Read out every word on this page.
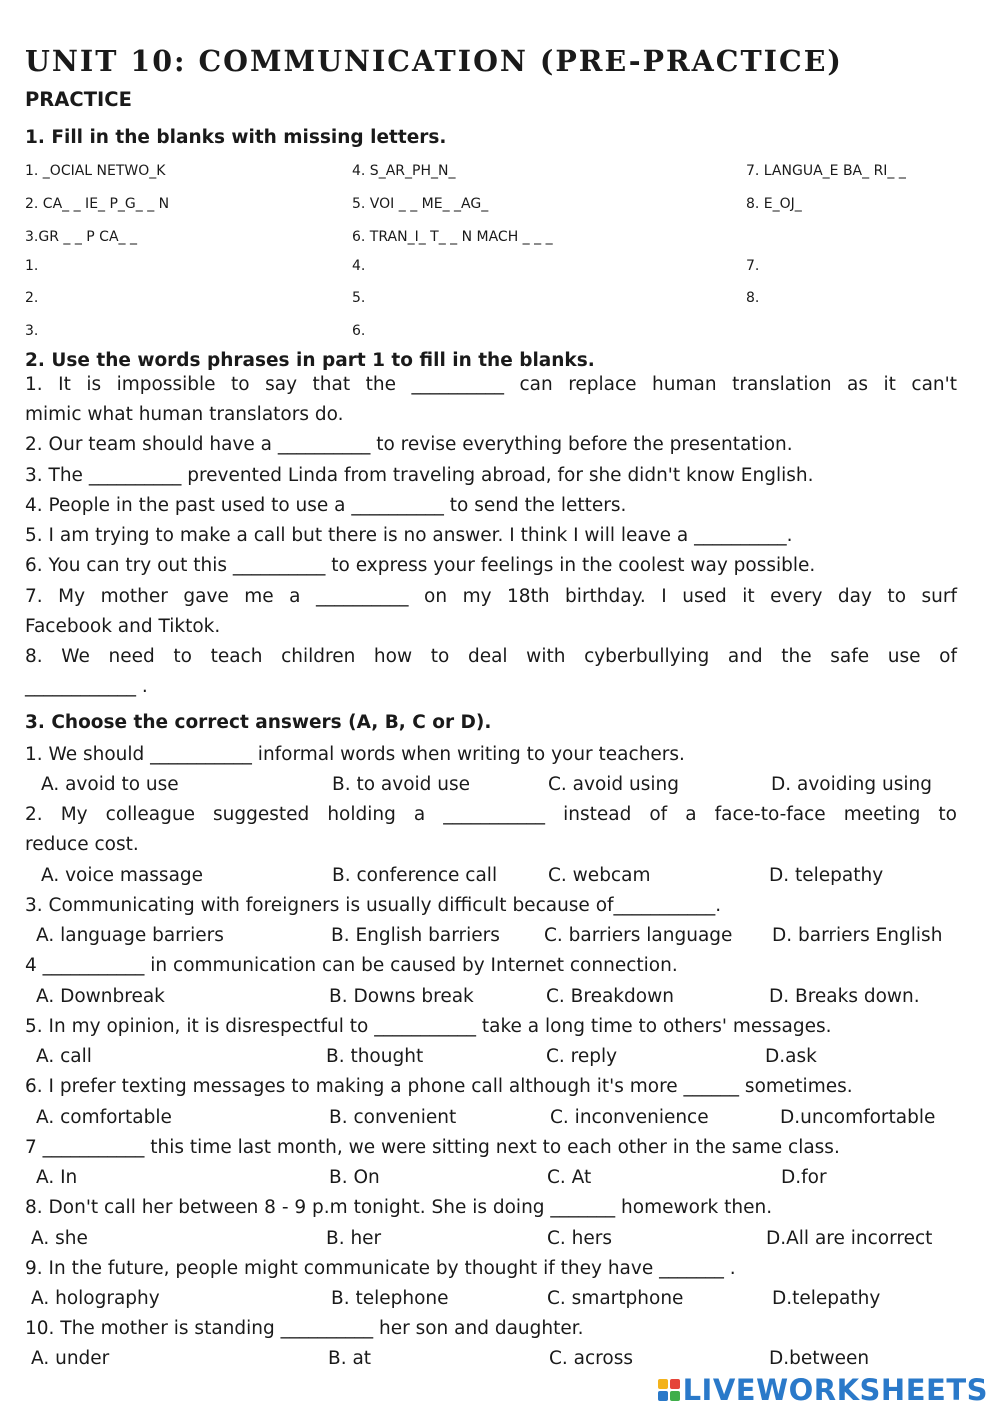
UNIT 10: COMMUNICATION (PRE-PRACTICE)
PRACTICE
1. Fill in the blanks with missing letters.
1. _OCIAL NETWO_K	4. S_AR_PH_N_	7. LANGUA_E BA_ RI_ _
2. CA_ _ IE_ P_G_ _ N	5. VOI _ _ ME_ _AG_	8. E_OJ_
3.GR _ _ P CA_ _	6. TRAN_I_ T_ _ N MACH _ _ _
1.	4.	7.
2.	5.	8.
3.	6.
2. Use the words phrases in part 1 to fill in the blanks.
1. It is impossible to say that the __________ can replace human translation as it can't
mimic what human translators do.
2. Our team should have a __________ to revise everything before the presentation.
3. The __________ prevented Linda from traveling abroad, for she didn't know English.
4. People in the past used to use a __________ to send the letters.
5. I am trying to make a call but there is no answer. I think I will leave a __________.
6. You can try out this __________ to express your feelings in the coolest way possible.
7. My mother gave me a __________ on my 18th birthday. I used it every day to surf
Facebook and Tiktok.
8. We need to teach children how to deal with cyberbullying and the safe use of
____________ .
3. Choose the correct answers (A, B, C or D).
1. We should ___________ informal words when writing to your teachers.
A. avoid to use	B. to avoid use	C. avoid using	D. avoiding using
2. My colleague suggested holding a ___________ instead of a face-to-face meeting to
reduce cost.
A. voice massage	B. conference call	C. webcam	D. telepathy
3. Communicating with foreigners is usually difficult because of___________.
A. language barriers	B. English barriers C. barriers language D. barriers English
4 ___________ in communication can be caused by Internet connection.
A. Downbreak	B. Downs break	C. Breakdown	D. Breaks down.
5. In my opinion, it is disrespectful to ___________ take a long time to others' messages.
A. call	B. thought	C. reply	D.ask
6. I prefer texting messages to making a phone call although it's more ______ sometimes.
A. comfortable	B. convenient	C. inconvenience	D.uncomfortable
7 ___________ this time last month, we were sitting next to each other in the same class.
A. In	B. On	C. At	D.for
8. Don't call her between 8 - 9 p.m tonight. She is doing _______ homework then.
A. she	B. her	C. hers	D.All are incorrect
9. In the future, people might communicate by thought if they have _______ .
A. holography	B. telephone	C. smartphone	D.telepathy
10. The mother is standing __________ her son and daughter.
A. under	B. at	C. across	D.between
LIVEWORKSHEETS
